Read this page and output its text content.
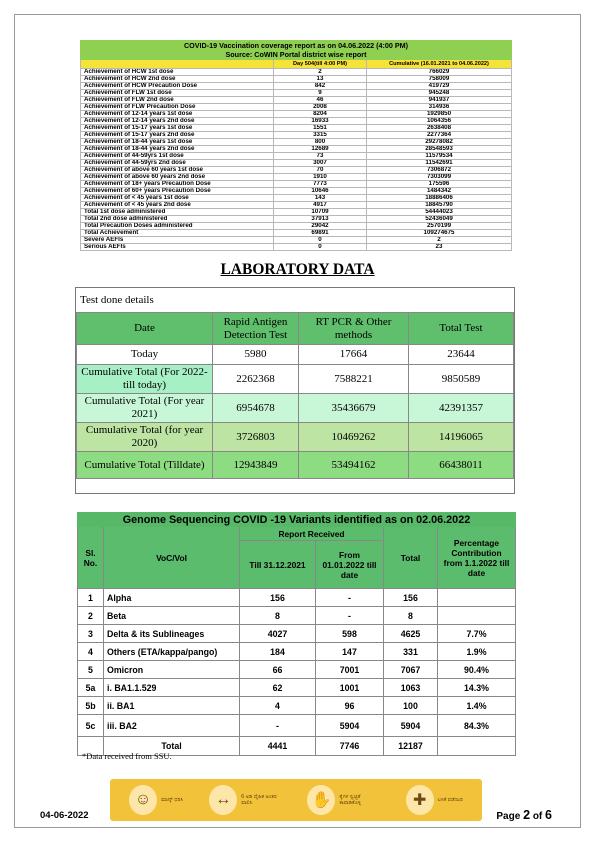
COVID-19 Vaccination coverage report as on 04.06.2022 (4:00 PM)
Source: CoWIN Portal district wise report		
	Day 504(till 4:00 PM)	Cumulative (16.01.2021 to 04.06.2022)
Achievement of HCW 1st dose	2	766029
Achievement of HCW 2nd dose	13	758009
Achievement of HCW Precaution Dose	842	419729
Achievement of FLW 1st dose	9	945248
Achievement of FLW 2nd dose	46	941937
Achievement of FLW Precaution Dose	2008	314936
Achievement of 12-14 years 1st dose	8204	1929850
Achievement of 12-14 years 2nd dose	16933	1064356
Achievement of 15-17 years 1st dose	1551	2638408
Achievement of 15-17 years 2nd dose	3315	2277364
Achievement of 18-44 years 1st dose	800	29278082
Achievement of 18-44 years 2nd dose	12689	28548593
Achievement of 44-59yrs 1st dose	73	11579534
Achievement of 44-59yrs 2nd dose	3007	11542691
Achievement of above 60 years 1st dose	70	7306872
Achievement of above 60 years 2nd dose	1910	7303099
Achievement of 18+ years Precaution Dose	7773	175596
Achievement of 60+ years Precaution Dose	10646	1484342
Achievement of < 45 years 1st dose	143	18886406
Achievement of < 45 years 2nd dose	4917	18845790
Total 1st dose administered	10709	54444023
Total 2nd dose administered	37913	52436049
Total Precaution Doses administered	29042	2570199
Total Achievement	69891	109274675
Severe AEFIs	0	2
Serious AEFIs	0	23
LABORATORY DATA
Test done details
Date	Rapid Antigen Detection Test	RT PCR & Other methods	Total Test
Today	5980	17664	23644
Cumulative Total (For 2022- till today)	2262368	7588221	9850589
Cumulative Total (For year 2021)	6954678	35436679	42391357
Cumulative Total (for year 2020)	3726803	10469262	14196065
Cumulative Total (Tilldate)	12943849	53494162	66438011
Genome Sequencing COVID -19 Variants identified as on 02.06.2022					
Sl. No.	VoC/VoI	Report Received		Total	Percentage Contribution from 1.1.2022 till date
		Till 31.12.2021	From 01.01.2022 till date		
1	Alpha	156	-	156	
2	Beta	8	-	8	
3	Delta & its Sublineages	4027	598	4625	7.7%
4	Others (ETA/kappa/pango)	184	147	331	1.9%
5	Omicron	66	7001	7067	90.4%
5a	i. BA1.1.529	62	1001	1063	14.3%
5b	ii. BA1	4	96	100	1.4%
5c	iii. BA2	-	5904	5904	84.3%
	Total	4441	7746	12187	
*Data received from SSU.
☺	ಮಾಸ್ಕ್ ಧರಿಸಿ	↔	6 ಅಡಿ ದೈಹಿಕ ಅಂತರ ಪಾಲಿಸಿ	✋	ಕೈಗಳ ಸ್ವಚ್ಛತೆ ಕಾಪಾಡಿಕೊಳ್ಳಿ	✚	ಲಸಿಕೆ ಪಡೆಯಿರಿ
04-06-2022	Page 2 of 6
